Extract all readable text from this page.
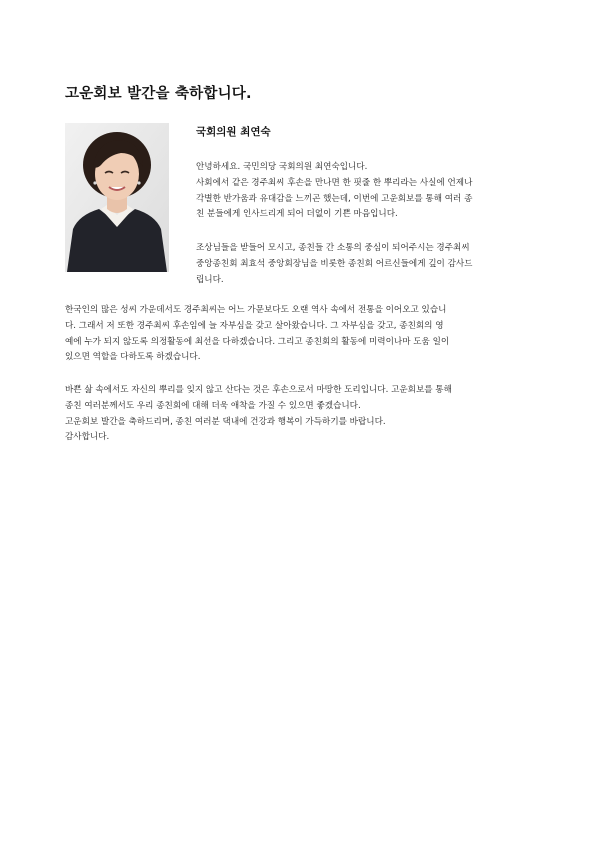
고운회보 발간을 축하합니다.
국회의원 최연숙
안녕하세요. 국민의당 국회의원 최연숙입니다.
사회에서 같은 경주최씨 후손을 만나면 한 핏줄 한 뿌리라는 사실에 언제나
각별한 반가움과 유대감을 느끼곤 했는데, 이번에 고운회보를 통해 여러 종
친 분들에게 인사드리게 되어 더없이 기쁜 마음입니다.
조상님들을 받들어 모시고, 종친들 간 소통의 중심이 되어주시는 경주최씨
중앙종친회 최효석 중앙회장님을 비롯한 종친회 어르신들에게 깊이 감사드
립니다.
한국인의 많은 성씨 가운데서도 경주최씨는 어느 가문보다도 오랜 역사 속에서 전통을 이어오고 있습니
다. 그래서 저 또한 경주최씨 후손임에 늘 자부심을 갖고 살아왔습니다. 그 자부심을 갖고, 종친회의 영
예에 누가 되지 않도록 의정활동에 최선을 다하겠습니다. 그리고 종친회의 활동에 미력이나마 도움 일이
있으면 역할을 다하도록 하겠습니다.
바쁜 삶 속에서도 자신의 뿌리를 잊지 않고 산다는 것은 후손으로서 마땅한 도리입니다. 고운회보를 통해
종친 여러분께서도 우리 종친회에 대해 더욱 애착을 가질 수 있으면 좋겠습니다.
고운회보 발간을 축하드리며, 종친 여러분 댁내에 건강과 행복이 가득하기를 바랍니다.
감사합니다.
